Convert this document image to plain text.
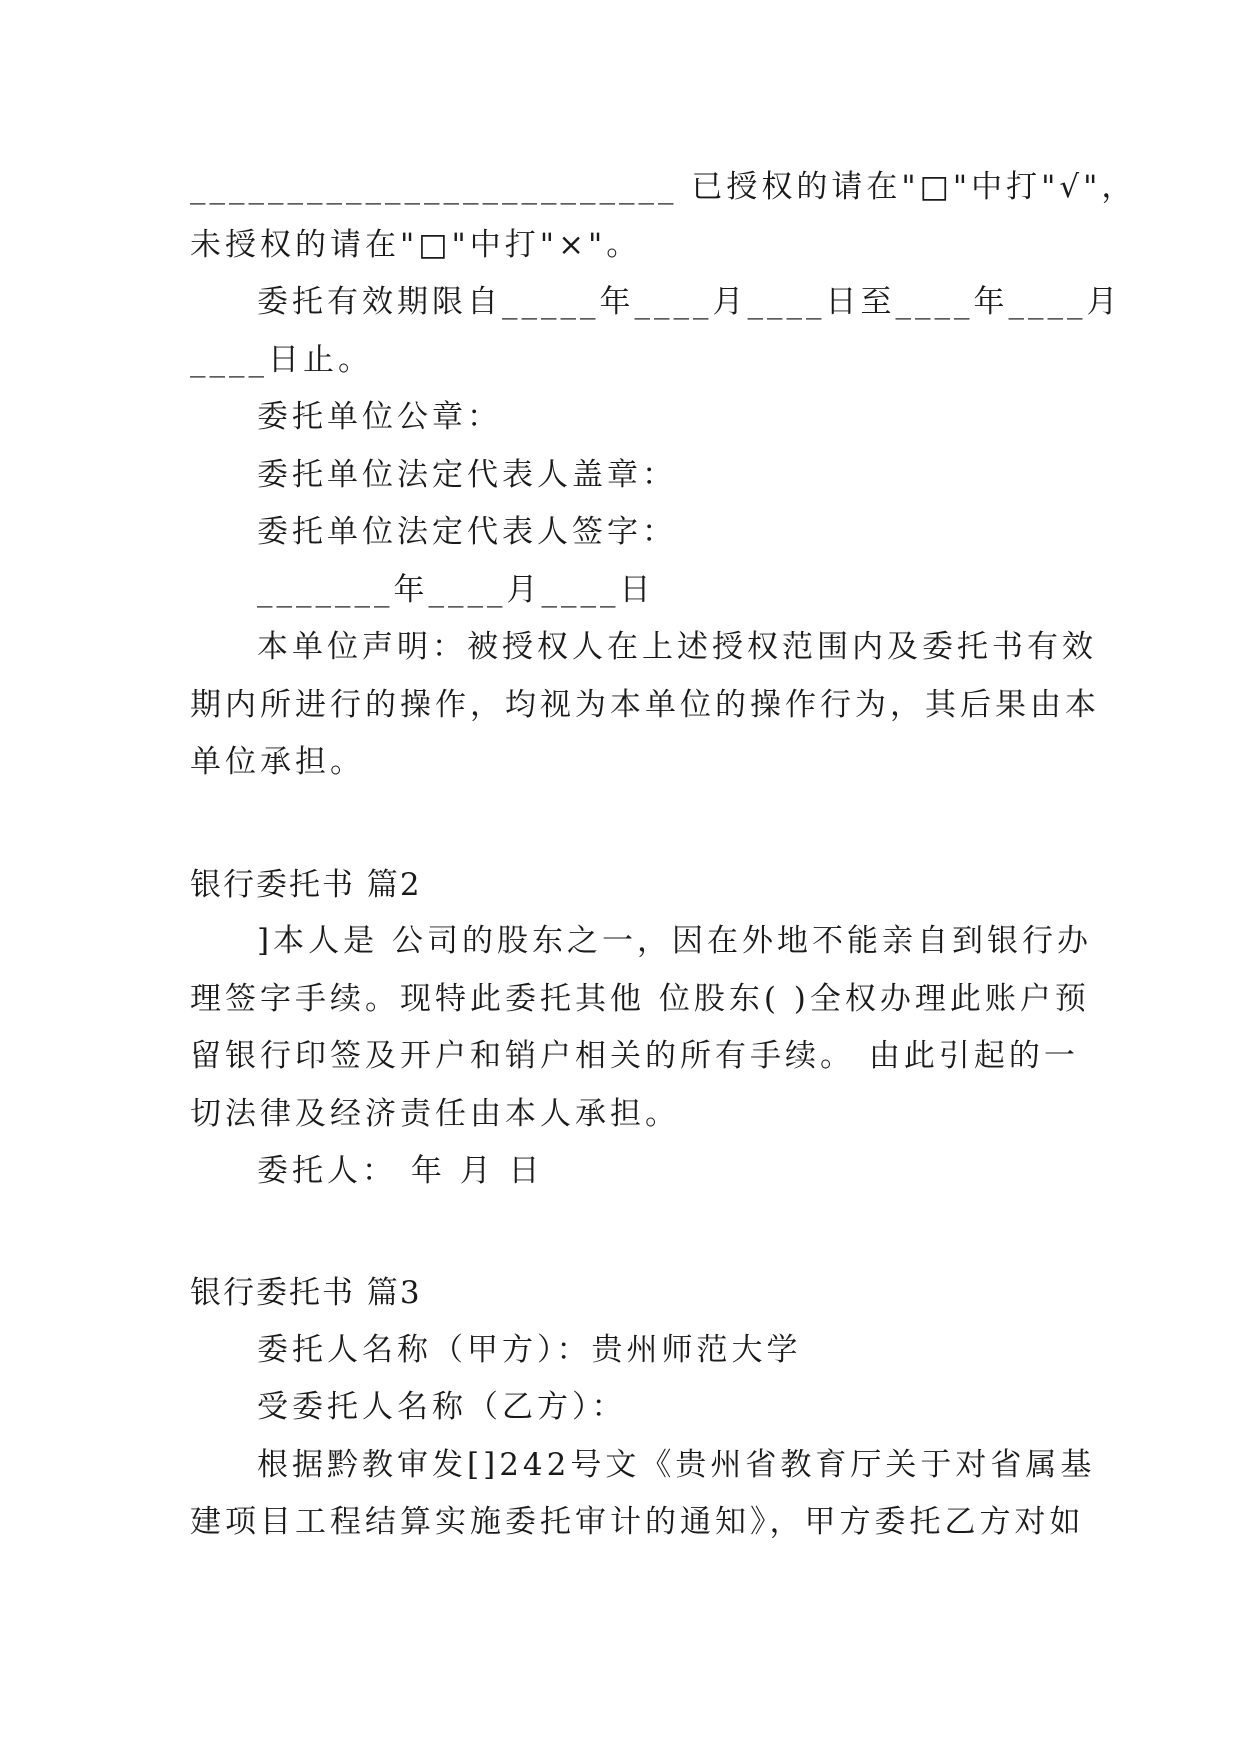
_________________________ 已授权的请在"□"中打"√"，
未授权的请在"□"中打"×"。
委托有效期限自_____年____月____日至____年____月
____日止。
委托单位公章：
委托单位法定代表人盖章：
委托单位法定代表人签字：
_______年____月____日
本单位声明：被授权人在上述授权范围内及委托书有效
期内所进行的操作，均视为本单位的操作行为，其后果由本
单位承担。
银行委托书 篇2
]本人是 公司的股东之一，因在外地不能亲自到银行办
理签字手续。现特此委托其他 位股东( )全权办理此账户预
留银行印签及开户和销户相关的所有手续。 由此引起的一
切法律及经济责任由本人承担。
委托人： 年 月 日
银行委托书 篇3
委托人名称（甲方）：贵州师范大学
受委托人名称（乙方）：
根据黔教审发[]242号文《贵州省教育厅关于对省属基
建项目工程结算实施委托审计的通知》，甲方委托乙方对如
